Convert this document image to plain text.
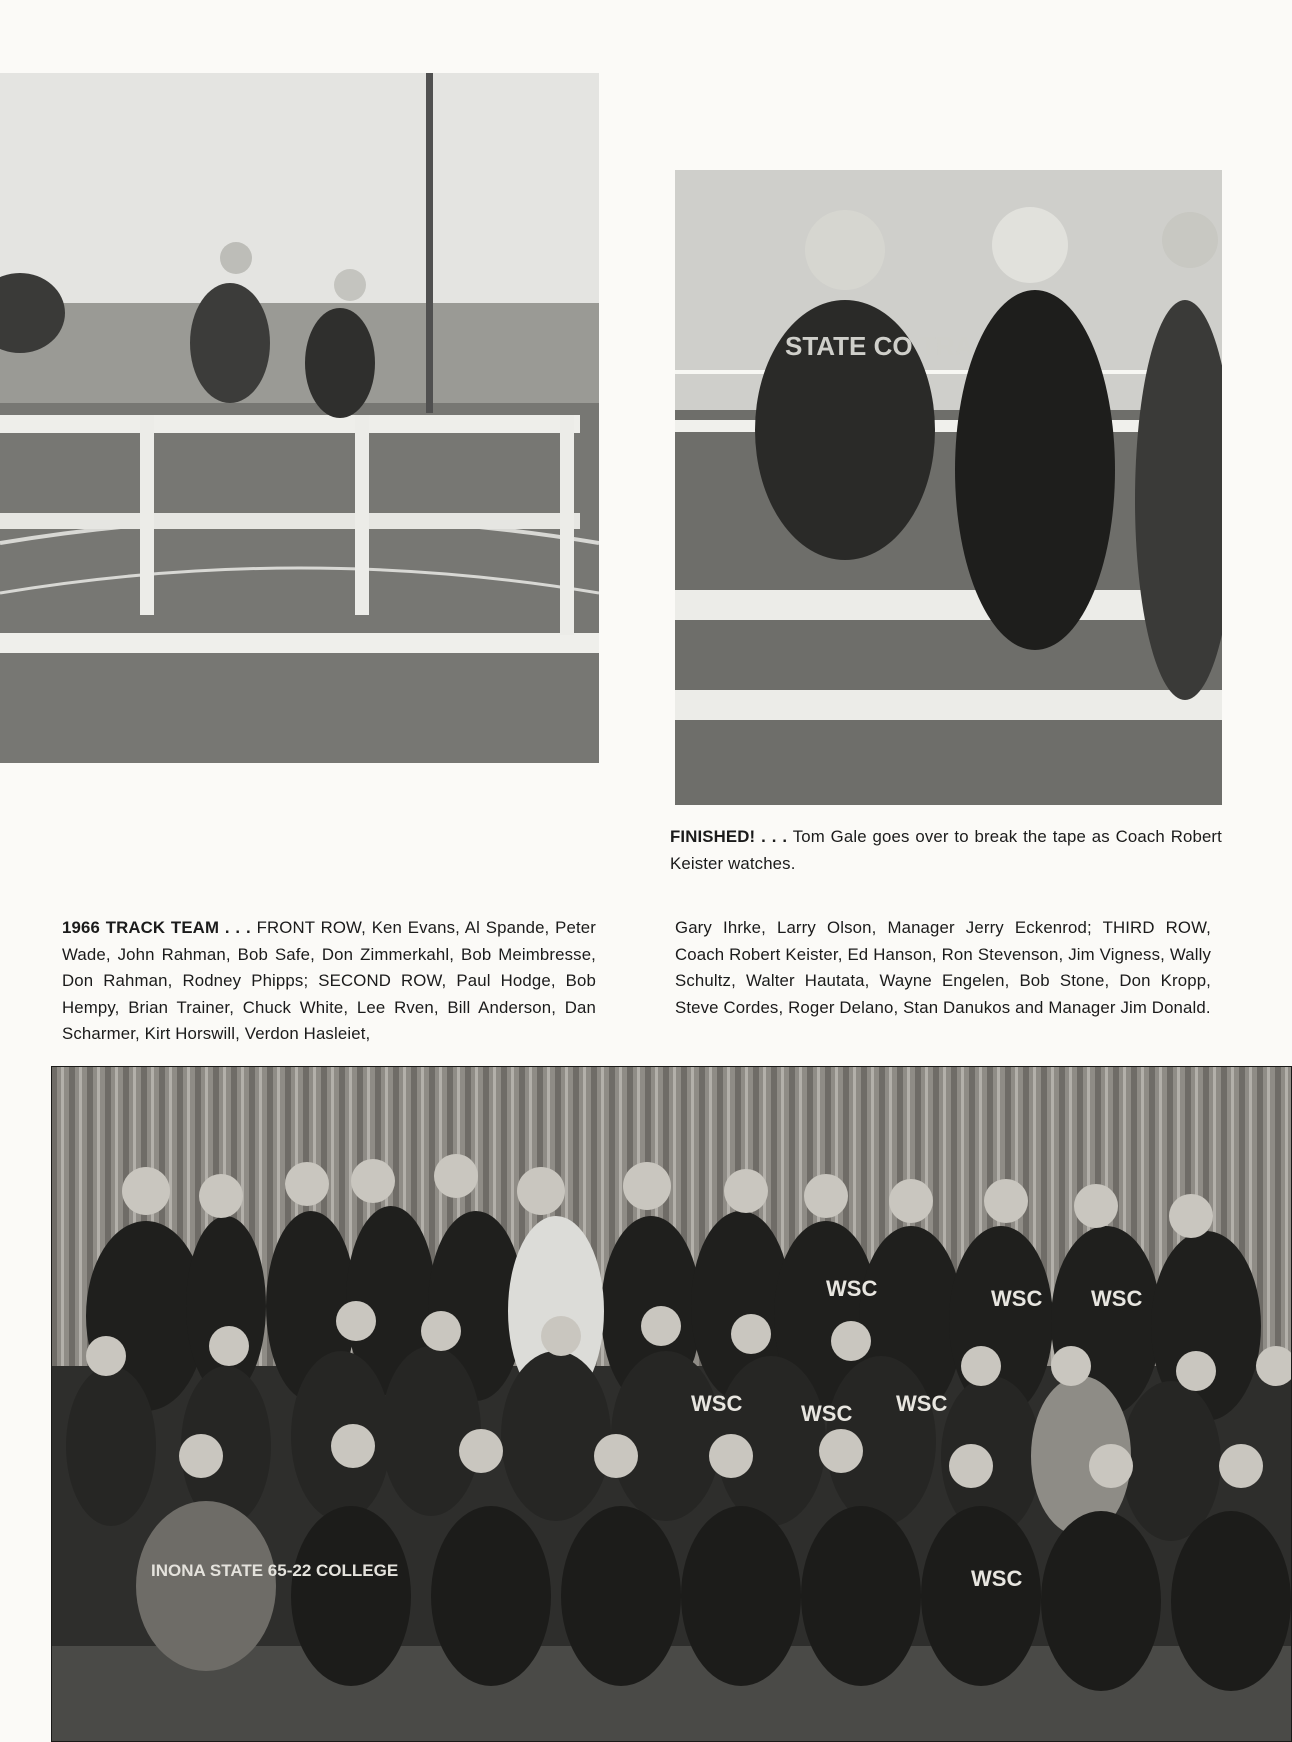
STATE CO TRA
FINISHED! . . . Tom Gale goes over to break the tape as Coach Robert Keister watches.
1966 TRACK TEAM . . . FRONT ROW, Ken Evans, Al Spande, Peter Wade, John Rahman, Bob Safe, Don Zimmerkahl, Bob Meimbresse, Don Rahman, Rodney Phipps; SECOND ROW, Paul Hodge, Bob Hempy, Brian Trainer, Chuck White, Lee Rven, Bill Anderson, Dan Scharmer, Kirt Horswill, Verdon Hasleiet,
Gary Ihrke, Larry Olson, Manager Jerry Eckenrod; THIRD ROW, Coach Robert Keister, Ed Hanson, Ron Stevenson, Jim Vigness, Wally Schultz, Walter Hautata, Wayne Engelen, Bob Stone, Don Kropp, Steve Cordes, Roger Delano, Stan Danukos and Manager Jim Donald.
INONA STATE 65-22 COLLEGE
WSC	WSC WSC
WSC	WSC WSC
WSC
